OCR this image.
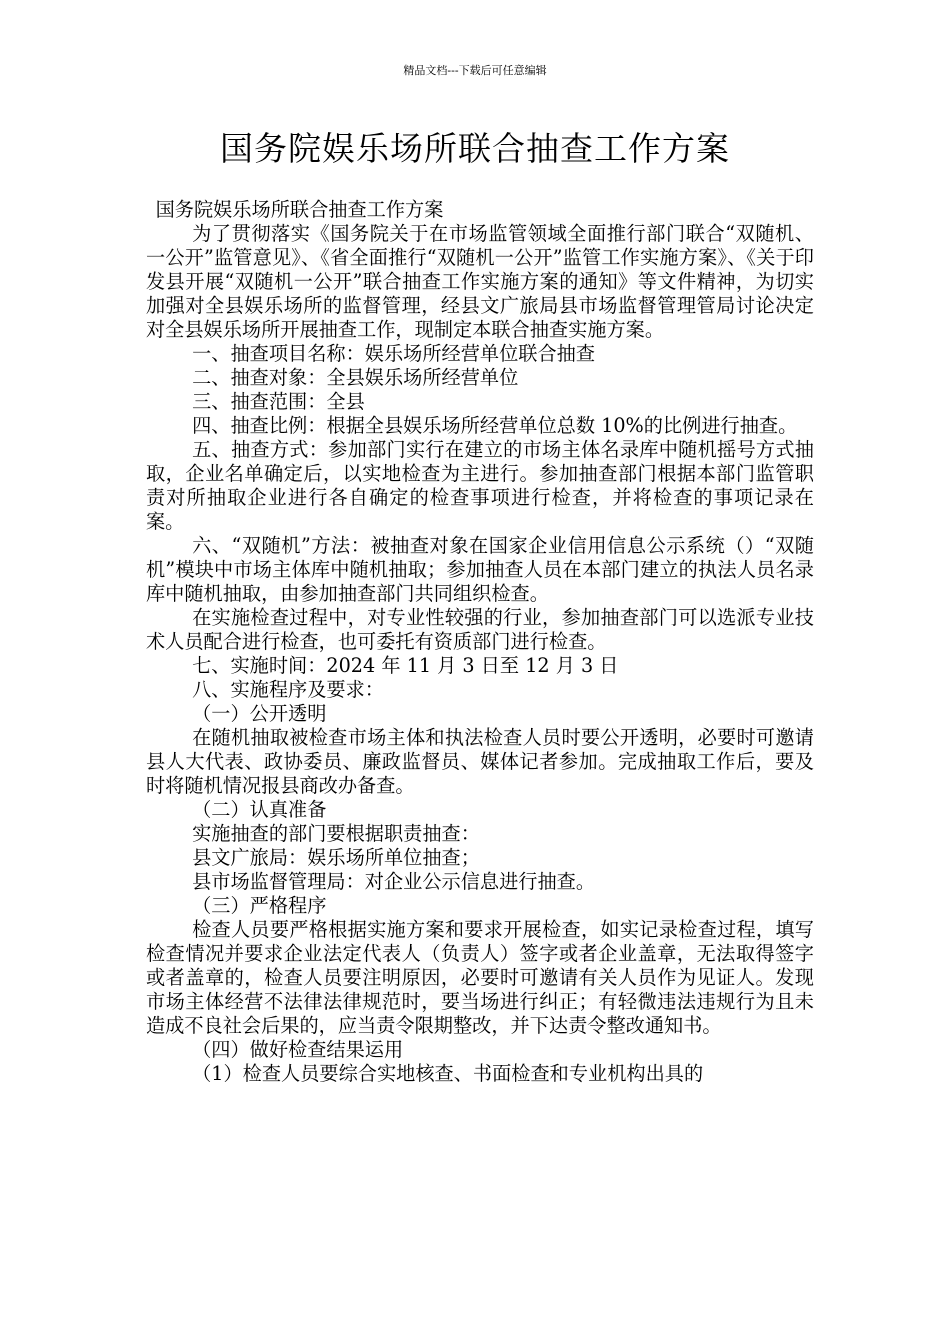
精品文档---下载后可任意编辑
国务院娱乐场所联合抽查工作方案

国务院娱乐场所联合抽查工作方案

为了贯彻落实《国务院关于在市场监管领域全面推行部门联合“双随机、一公开”监管意见》、《省全面推行“双随机一公开”监管工作实施方案》、《关于印发县开展“双随机一公开”联合抽查工作实施方案的通知》等文件精神，为切实加强对全县娱乐场所的监督管理，经县文广旅局县市场监督管理管局讨论决定对全县娱乐场所开展抽查工作，现制定本联合抽查实施方案。

一、抽查项目名称：娱乐场所经营单位联合抽查

二、抽查对象：全县娱乐场所经营单位

三、抽查范围：全县

四、抽查比例：根据全县娱乐场所经营单位总数 10%的比例进行抽查。

五、抽查方式：参加部门实行在建立的市场主体名录库中随机摇号方式抽取，企业名单确定后，以实地检查为主进行。参加抽查部门根据本部门监管职责对所抽取企业进行各自确定的检查事项进行检查，并将检查的事项记录在案。

六、“双随机”方法：被抽查对象在国家企业信用信息公示系统（）“双随机”模块中市场主体库中随机抽取；参加抽查人员在本部门建立的执法人员名录库中随机抽取，由参加抽查部门共同组织检查。

在实施检查过程中，对专业性较强的行业，参加抽查部门可以选派专业技术人员配合进行检查，也可委托有资质部门进行检查。

七、实施时间：2024 年 11 月 3 日至 12 月 3 日

八、实施程序及要求：

（一）公开透明

在随机抽取被检查市场主体和执法检查人员时要公开透明，必要时可邀请县人大代表、政协委员、廉政监督员、媒体记者参加。完成抽取工作后，要及时将随机情况报县商改办备查。

（二）认真准备

实施抽查的部门要根据职责抽查：

县文广旅局：娱乐场所单位抽查；

县市场监督管理局：对企业公示信息进行抽查。

（三）严格程序

检查人员要严格根据实施方案和要求开展检查，如实记录检查过程，填写检查情况并要求企业法定代表人（负责人）签字或者企业盖章，无法取得签字或者盖章的，检查人员要注明原因，必要时可邀请有关人员作为见证人。发现市场主体经营不法律法律规范时，要当场进行纠正；有轻微违法违规行为且未造成不良社会后果的，应当责令限期整改，并下达责令整改通知书。

（四）做好检查结果运用

（1）检查人员要综合实地核查、书面检查和专业机构出具的
